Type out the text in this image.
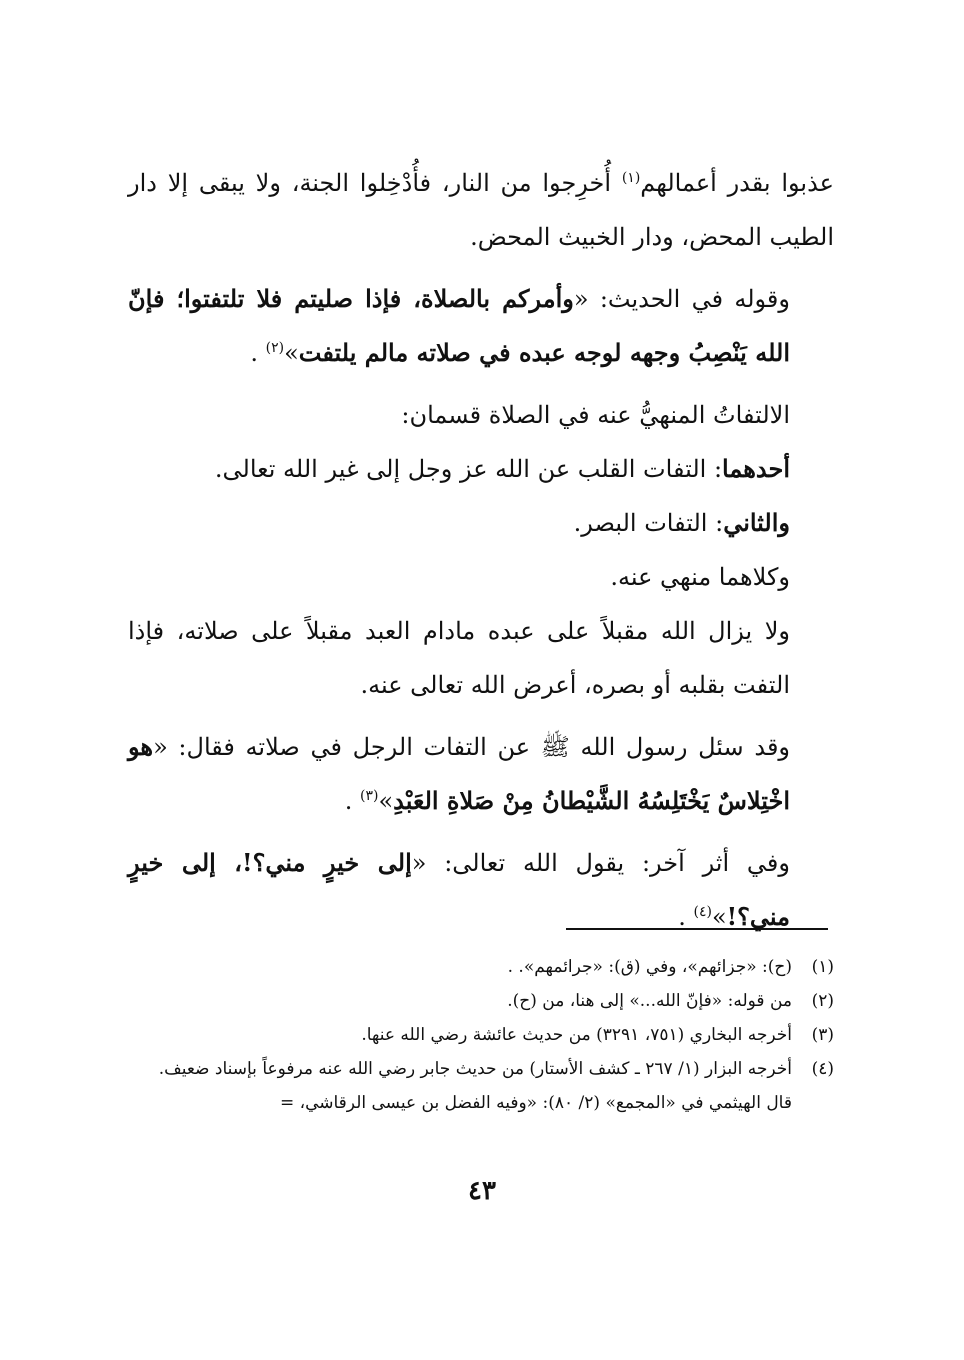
عذبوا بقدر أعمالهم$^{(١)}$ أُخرِجوا من النار، فأُدْخِلوا الجنة، ولا يبقى إلا دار الطيب المحض، ودار الخبيث المحض.

وقوله في الحديث: «وأمركم بالصلاة، فإذا صليتم فلا تلتفتوا؛ فإنّ الله يَنْصِبُ وجهه لوجه عبده في صلاته مالم يلتفت»$^{(٢)}$ .

الالتفاتُ المنهيُّ عنه في الصلاة قسمان:

أحدهما: التفات القلب عن الله عز وجل إلى غير الله تعالى.

والثاني: التفات البصر.

وكلاهما منهي عنه.

ولا يزال الله مقبلاً على عبده مادام العبد مقبلاً على صلاته، فإذا التفت بقلبه أو بصره، أعرض الله تعالى عنه.

وقد سئل رسول الله ﷺ عن التفات الرجل في صلاته فقال: «هو اخْتِلاسٌ يَخْتَلِسُهُ الشَّيْطانُ مِنْ صَلاةِ العَبْدِ»$^{(٣)}$ .

وفي أثر آخر: يقول الله تعالى: «إلى خيرٍ مني؟!، إلى خيرٍ مني؟!»$^{(٤)}$ .

(١)
(ح): «جزائهم»، وفي (ق): «جرائمهم». .
(٢)
من قوله: «فإنّ الله...» إلى هنا، من (ح).
(٣)
أخرجه البخاري (٧٥١، ٣٢٩١) من حديث عائشة رضي الله عنها.
(٤)
أخرجه البزار (١/ ٢٦٧ ـ كشف الأستار) من حديث جابر رضي الله عنه مرفوعاً بإسناد ضعيف.
قال الهيثمي في «المجمع» (٢/ ٨٠): «وفيه الفضل بن عيسى الرقاشي، =
٤٣
